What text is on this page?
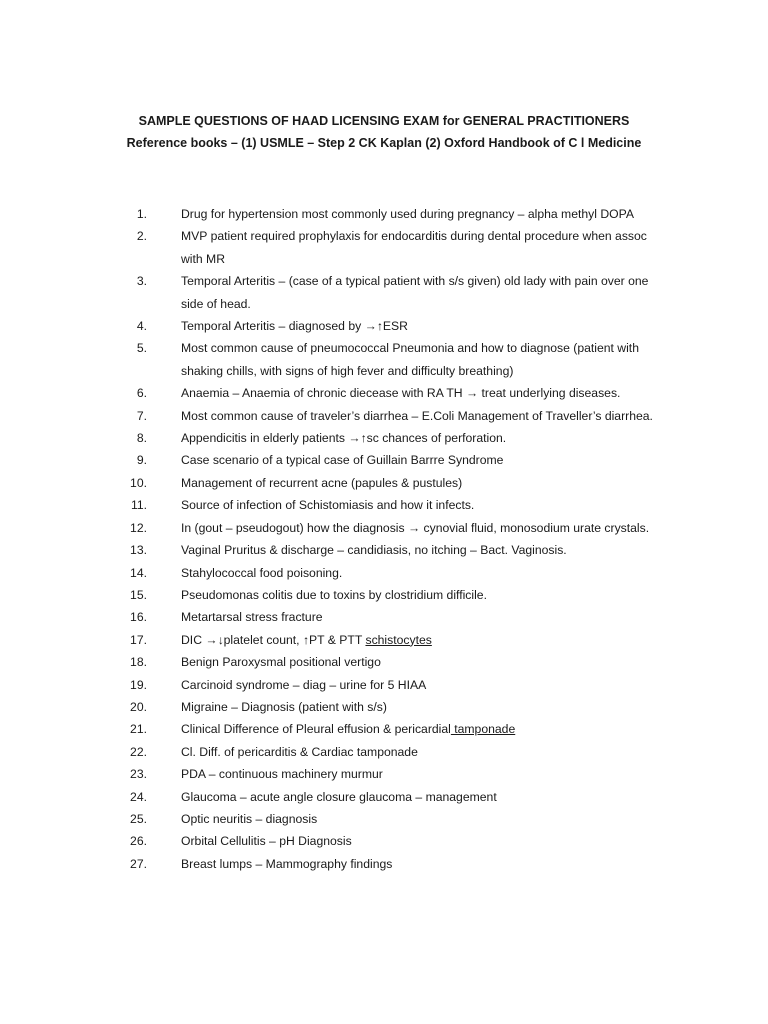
SAMPLE QUESTIONS OF HAAD LICENSING EXAM for GENERAL PRACTITIONERS
Reference books – (1) USMLE – Step 2 CK Kaplan (2) Oxford Handbook of C l Medicine
1.	Drug for hypertension most commonly used during pregnancy – alpha methyl DOPA
2.	MVP patient required prophylaxis for endocarditis during dental procedure when assoc with MR
3.	Temporal Arteritis – (case of a typical patient with s/s given) old lady with pain over one side of head.
4.	Temporal Arteritis – diagnosed by →↑ESR
5.	Most common cause of pneumococcal Pneumonia and how to diagnose (patient with shaking chills, with signs of high fever and difficulty breathing)
6.	Anaemia – Anaemia of chronic diecease with RA TH → treat underlying diseases.
7.	Most common cause of traveler’s diarrhea – E.Coli Management of Traveller’s diarrhea.
8.	Appendicitis in elderly patients →↑sc chances of perforation.
9.	Case scenario of a typical case of Guillain Barrre Syndrome
10.	Management of recurrent acne (papules & pustules)
11.	Source of infection of Schistomiasis and how it infects.
12.	In (gout – pseudogout) how the diagnosis → cynovial fluid, monosodium urate crystals.
13.	Vaginal Pruritus & discharge – candidiasis, no itching – Bact. Vaginosis.
14.	Stahylococcal food poisoning.
15.	Pseudomonas colitis due to toxins by clostridium difficile.
16.	Metartarsal stress fracture
17.	DIC →↓platelet count, ↑PT & PTT schistocytes
18.	Benign Paroxysmal positional vertigo
19.	Carcinoid syndrome – diag – urine for 5 HIAA
20.	Migraine – Diagnosis (patient with s/s)
21.	Clinical Difference of Pleural effusion & pericardial tamponade
22.	Cl. Diff. of pericarditis & Cardiac tamponade
23.	PDA – continuous machinery murmur
24.	Glaucoma – acute angle closure glaucoma – management
25.	Optic neuritis – diagnosis
26.	Orbital Cellulitis – pH Diagnosis
27.	Breast lumps – Mammography findings
